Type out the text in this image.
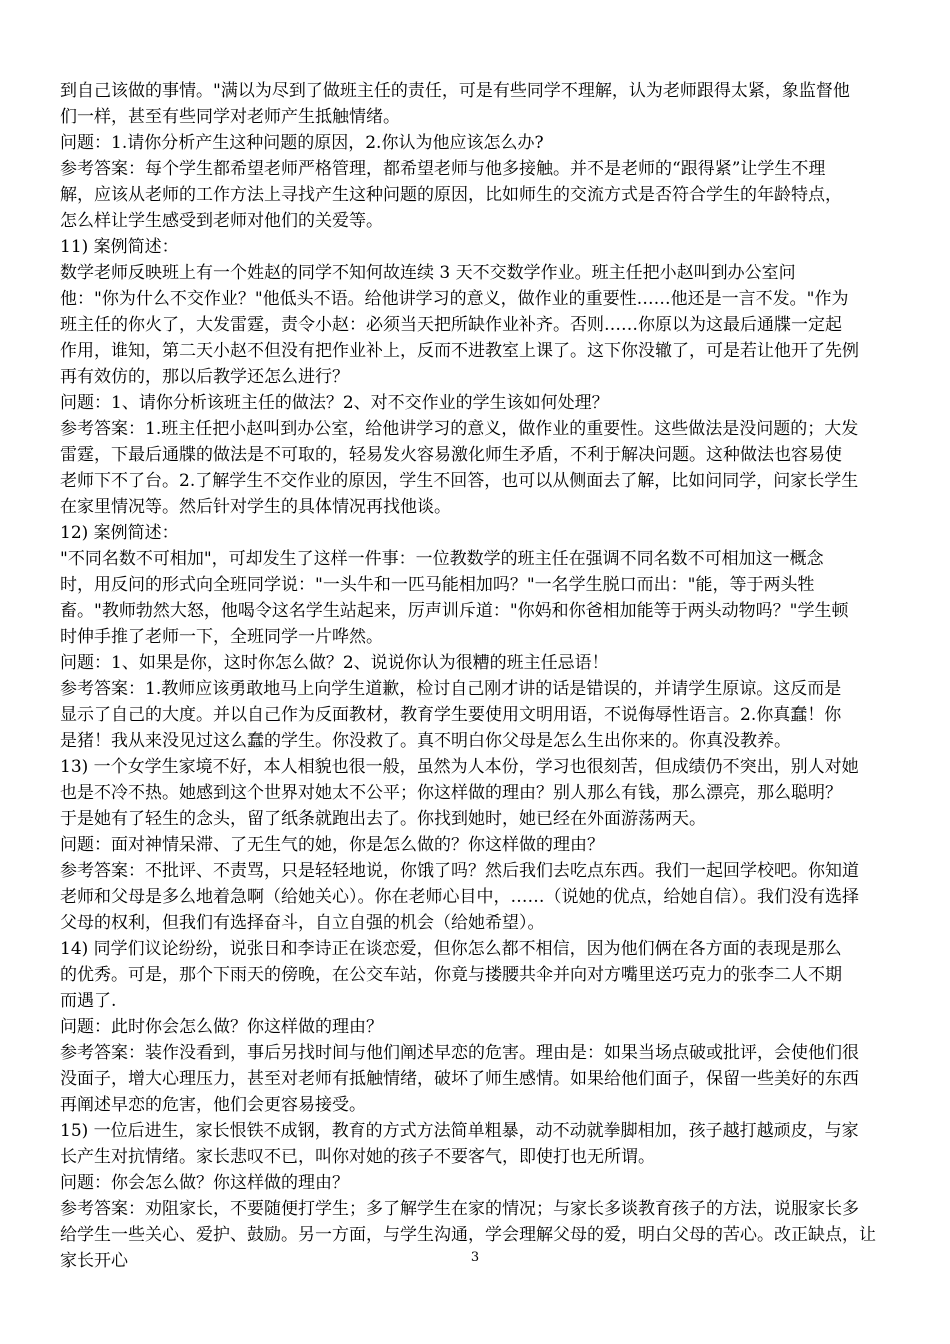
到自己该做的事情。"满以为尽到了做班主任的责任，可是有些同学不理解，认为老师跟得太紧，象监督他
们一样，甚至有些同学对老师产生抵触情绪。
问题：1.请你分析产生这种问题的原因，2.你认为他应该怎么办?
参考答案：每个学生都希望老师严格管理，都希望老师与他多接触。并不是老师的“跟得紧”让学生不理
解，应该从老师的工作方法上寻找产生这种问题的原因，比如师生的交流方式是否符合学生的年龄特点，
怎么样让学生感受到老师对他们的关爱等。
11) 案例简述：
数学老师反映班上有一个姓赵的同学不知何故连续 3 天不交数学作业。班主任把小赵叫到办公室问
他："你为什么不交作业？"他低头不语。给他讲学习的意义，做作业的重要性……他还是一言不发。"作为
班主任的你火了，大发雷霆，责令小赵：必须当天把所缺作业补齐。否则……你原以为这最后通牒一定起
作用，谁知，第二天小赵不但没有把作业补上，反而不进教室上课了。这下你没辙了，可是若让他开了先例
再有效仿的，那以后教学还怎么进行？
问题：1、请你分析该班主任的做法？2、对不交作业的学生该如何处理？
参考答案：1.班主任把小赵叫到办公室，给他讲学习的意义，做作业的重要性。这些做法是没问题的；大发
雷霆，下最后通牒的做法是不可取的，轻易发火容易激化师生矛盾，不利于解决问题。这种做法也容易使
老师下不了台。2.了解学生不交作业的原因，学生不回答，也可以从侧面去了解，比如问同学，问家长学生
在家里情况等。然后针对学生的具体情况再找他谈。
12) 案例简述：
"不同名数不可相加"，可却发生了这样一件事：一位教数学的班主任在强调不同名数不可相加这一概念
时，用反问的形式向全班同学说："一头牛和一匹马能相加吗？"一名学生脱口而出："能，等于两头牲
畜。"教师勃然大怒，他喝令这名学生站起来，厉声训斥道："你妈和你爸相加能等于两头动物吗？"学生顿
时伸手推了老师一下，全班同学一片哗然。
问题：1、如果是你，这时你怎么做？2、说说你认为很糟的班主任忌语！
参考答案：1.教师应该勇敢地马上向学生道歉，检讨自己刚才讲的话是错误的，并请学生原谅。这反而是
显示了自己的大度。并以自己作为反面教材，教育学生要使用文明用语，不说侮辱性语言。2.你真蠢！你
是猪！我从来没见过这么蠢的学生。你没救了。真不明白你父母是怎么生出你来的。你真没教养。
13) 一个女学生家境不好，本人相貌也很一般，虽然为人本份，学习也很刻苦，但成绩仍不突出，别人对她
也是不冷不热。她感到这个世界对她太不公平；你这样做的理由？别人那么有钱，那么漂亮，那么聪明？
于是她有了轻生的念头，留了纸条就跑出去了。你找到她时，她已经在外面游荡两天。
问题：面对神情呆滞、了无生气的她，你是怎么做的？你这样做的理由？
参考答案：不批评、不责骂，只是轻轻地说，你饿了吗？然后我们去吃点东西。我们一起回学校吧。你知道
老师和父母是多么地着急啊（给她关心）。你在老师心目中，……（说她的优点，给她自信）。我们没有选择
父母的权利，但我们有选择奋斗，自立自强的机会（给她希望）。
14) 同学们议论纷纷，说张日和李诗正在谈恋爱，但你怎么都不相信，因为他们俩在各方面的表现是那么
的优秀。可是，那个下雨天的傍晚，在公交车站，你竟与搂腰共伞并向对方嘴里送巧克力的张李二人不期
而遇了.
问题：此时你会怎么做？你这样做的理由？
参考答案：装作没看到，事后另找时间与他们阐述早恋的危害。理由是：如果当场点破或批评，会使他们很
没面子，增大心理压力，甚至对老师有抵触情绪，破坏了师生感情。如果给他们面子，保留一些美好的东西
再阐述早恋的危害，他们会更容易接受。
15) 一位后进生，家长恨铁不成钢，教育的方式方法简单粗暴，动不动就拳脚相加，孩子越打越顽皮，与家
长产生对抗情绪。家长悲叹不已，叫你对她的孩子不要客气，即使打也无所谓。
问题：你会怎么做？你这样做的理由？
参考答案：劝阻家长，不要随便打学生；多了解学生在家的情况；与家长多谈教育孩子的方法，说服家长多
给学生一些关心、爱护、鼓励。另一方面，与学生沟通，学会理解父母的爱，明白父母的苦心。改正缺点，让
家长开心	3
